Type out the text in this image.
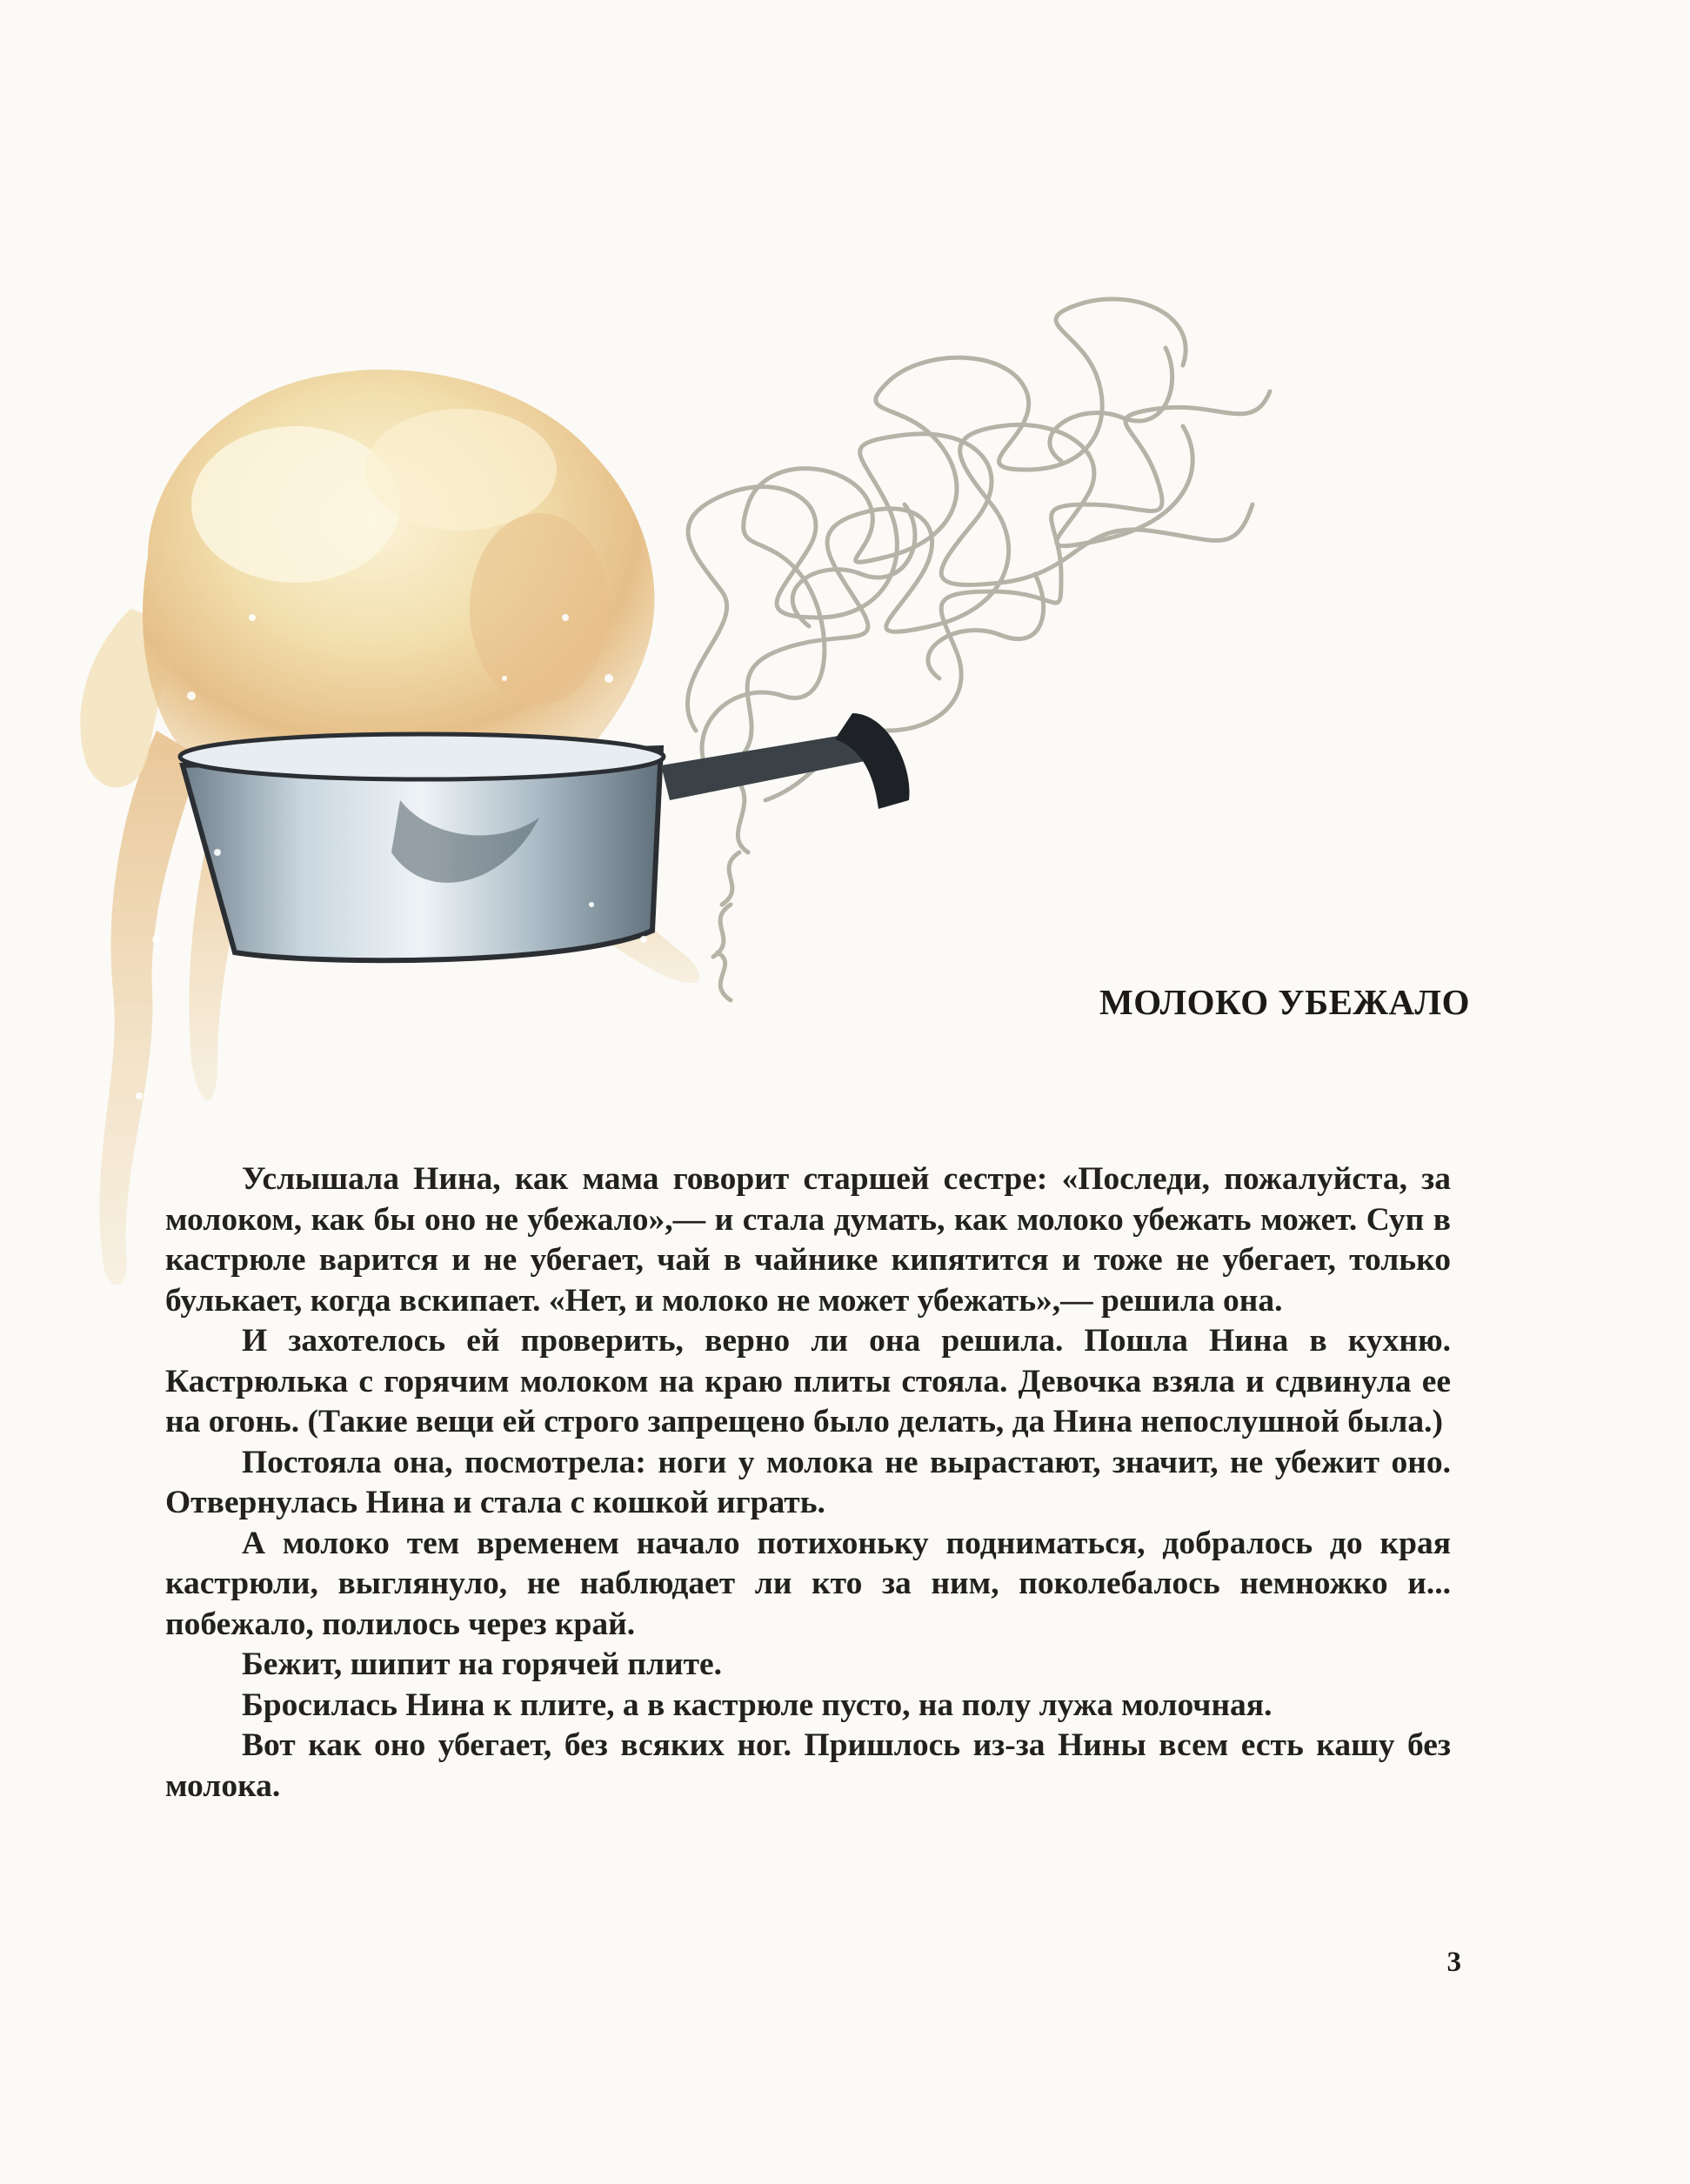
МОЛОКО УБЕЖАЛО

Услышала Нина, как мама говорит старшей сестре: «Последи, пожалуйста, за молоком, как бы оно не убежало»,— и стала думать, как молоко убежать может. Суп в кастрюле варится и не убегает, чай в чайнике кипятится и тоже не убегает, только булькает, когда вскипает. «Нет, и молоко не может убежать»,— решила она.

И захотелось ей проверить, верно ли она решила. Пошла Нина в кухню. Кастрюлька с горячим молоком на краю плиты стояла. Девочка взяла и сдвинула ее на огонь. (Такие вещи ей строго запрещено было делать, да Нина непослушной была.)

Постояла она, посмотрела: ноги у молока не вырастают, значит, не убежит оно. Отвернулась Нина и стала с кошкой играть.

А молоко тем временем начало потихоньку подниматься, добралось до края кастрюли, выглянуло, не наблюдает ли кто за ним, поколебалось немножко и... побежало, полилось через край.

Бежит, шипит на горячей плите.

Бросилась Нина к плите, а в кастрюле пусто, на полу лужа молочная.

Вот как оно убегает, без всяких ног. Пришлось из-за Нины всем есть кашу без молока.

3
